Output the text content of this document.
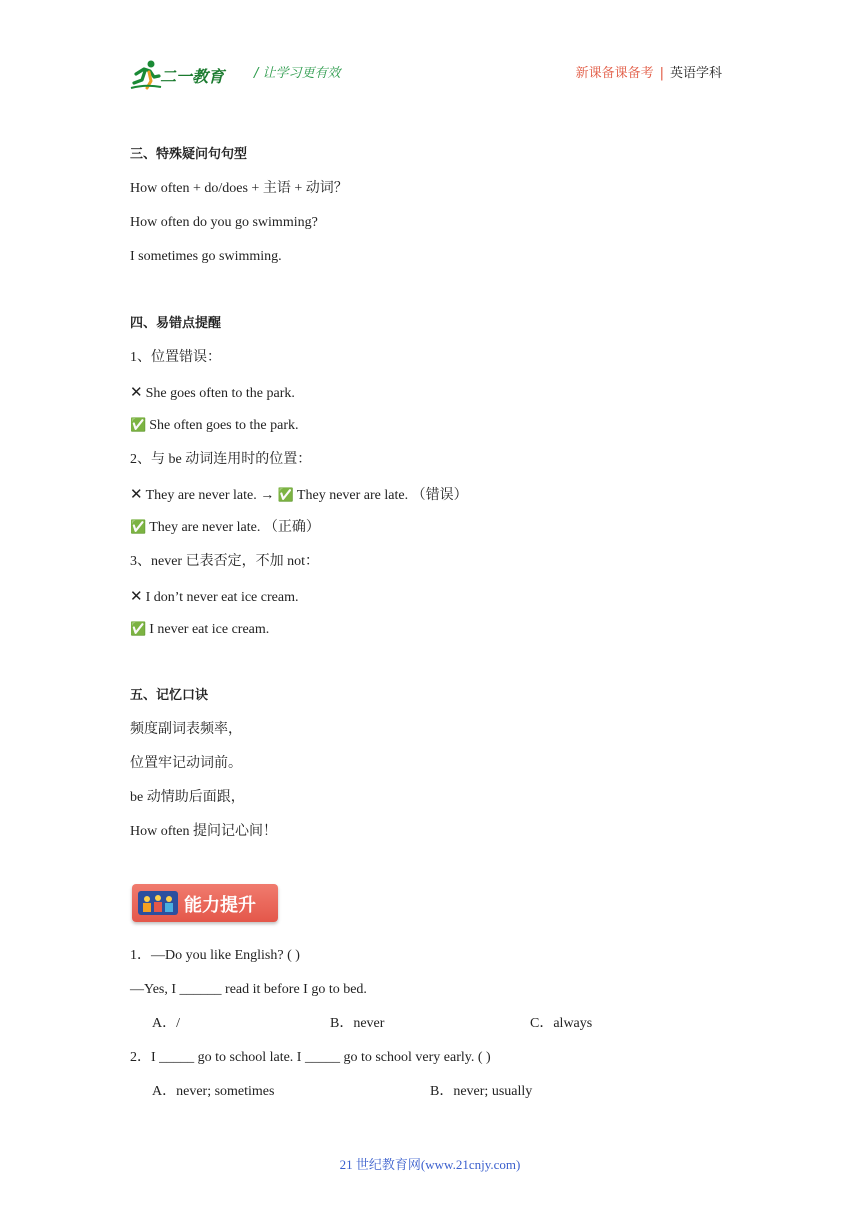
二一教育 / 让学习更有效	新课备课备考 | 英语学科
三、特殊疑问句句型
How often + do/does + 主语 + 动词？
How often do you go swimming?
I sometimes go swimming.
四、易错点提醒
1、位置错误：
✕ She goes often to the park.
✅ She often goes to the park.
2、与 be 动词连用时的位置：
✕ They are never late. → ✅ They never are late. （错误）
✅ They are never late. （正确）
3、never 已表否定，不加 not：
✕ I don’t never eat ice cream.
✅ I never eat ice cream.
五、记忆口诀
频度副词表频率，
位置牢记动词前。
be 动情助后面跟，
How often 提问记心间！
能力提升
1．—Do you like English? ( )
—Yes, I ______ read it before I go to bed.
A．/	B．never	C．always
2．I _____ go to school late. I _____ go to school very early. ( )
A．never; sometimes	B．never; usually
21 世纪教育网(www.21cnjy.com)
